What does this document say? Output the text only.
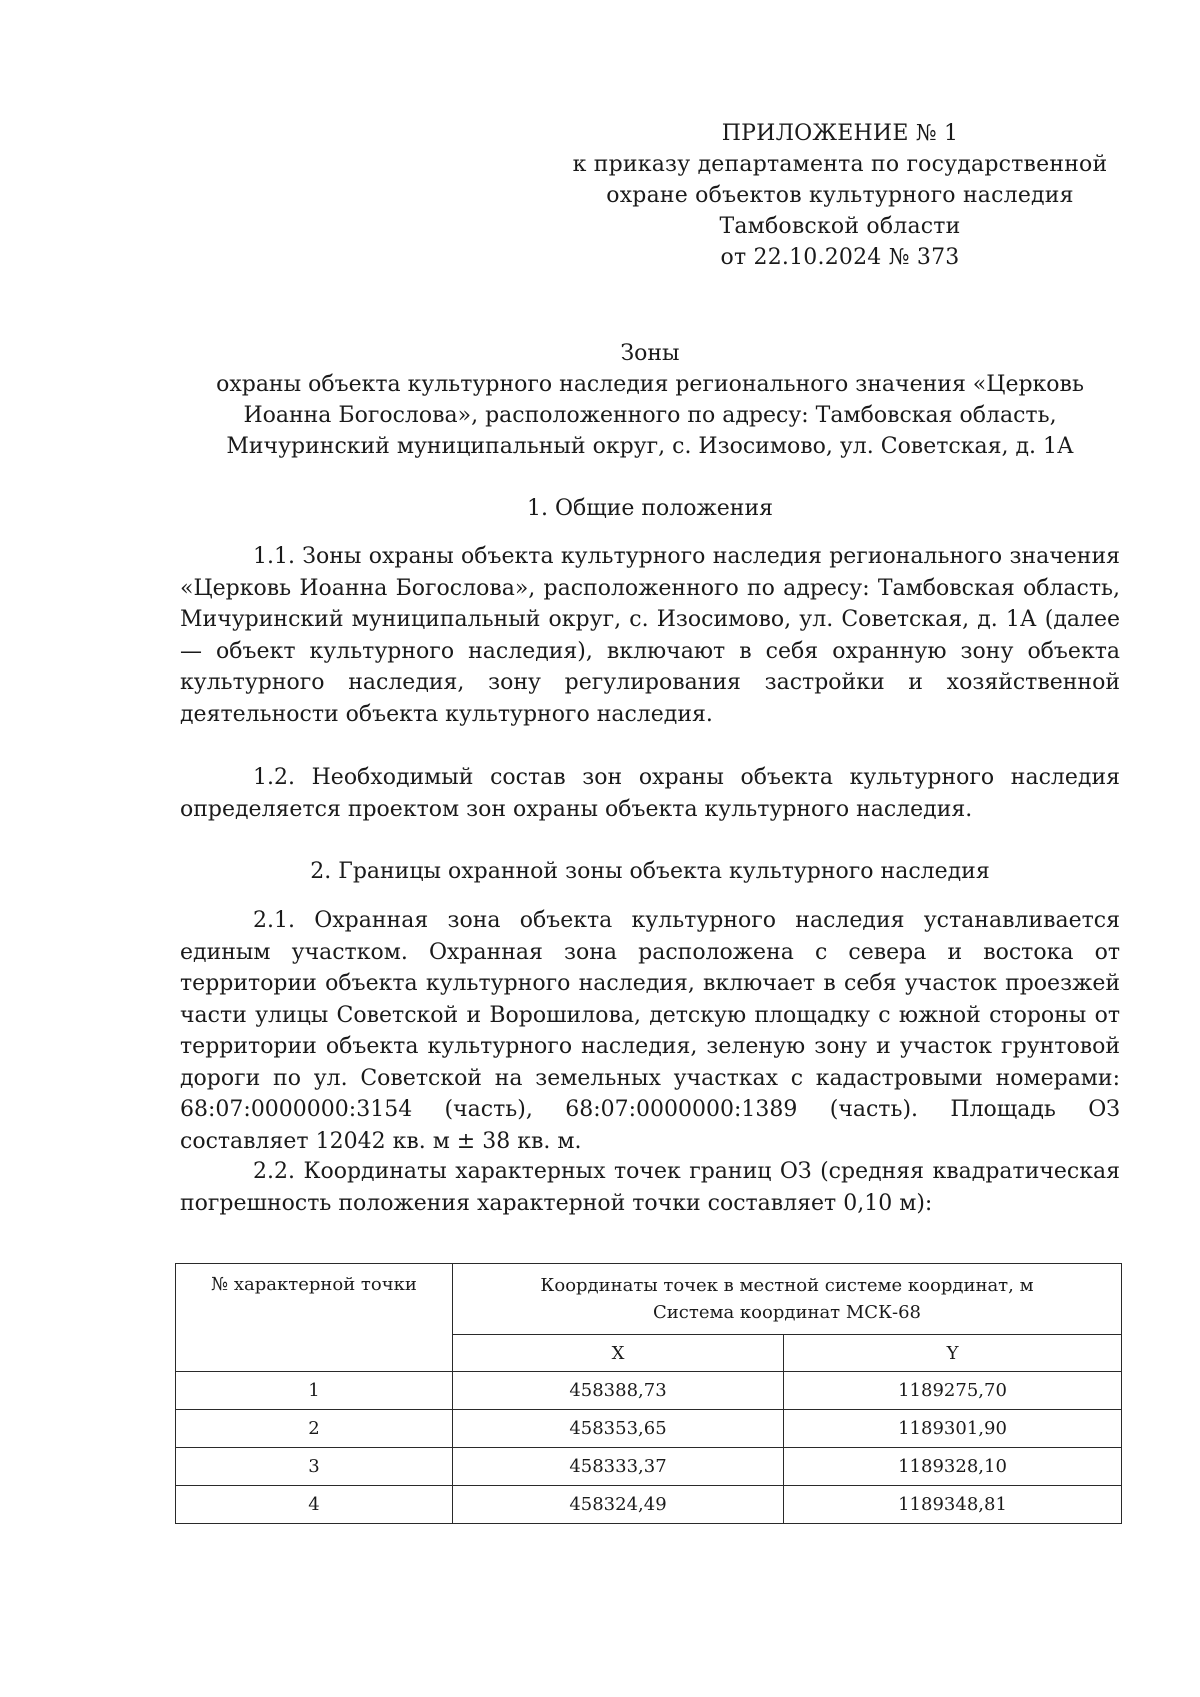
ПРИЛОЖЕНИЕ № 1
к приказу департамента по государственной
охране объектов культурного наследия
Тамбовской области
от 22.10.2024 № 373
Зоны
охраны объекта культурного наследия регионального значения «Церковь
Иоанна Богослова», расположенного по адресу: Тамбовская область,
Мичуринский муниципальный округ, с. Изосимово, ул. Советская, д. 1А
1. Общие положения

1.1. Зоны охраны объекта культурного наследия регионального значения «Церковь Иоанна Богослова», расположенного по адресу: Тамбовская область, Мичуринский муниципальный округ, с. Изосимово, ул. Советская, д. 1А (далее — объект культурного наследия), включают в себя охранную зону объекта культурного наследия, зону регулирования застройки и хозяйственной деятельности объекта культурного наследия.

1.2. Необходимый состав зон охраны объекта культурного наследия определяется проектом зон охраны объекта культурного наследия.

2. Границы охранной зоны объекта культурного наследия

2.1. Охранная зона объекта культурного наследия устанавливается единым участком. Охранная зона расположена с севера и востока от территории объекта культурного наследия, включает в себя участок проезжей части улицы Советской и Ворошилова, детскую площадку с южной стороны от территории объекта культурного наследия, зеленую зону и участок грунтовой дороги по ул. Советской на земельных участках с кадастровыми номерами: 68:07:0000000:3154 (часть), 68:07:0000000:1389 (часть). Площадь ОЗ составляет 12042 кв. м ± 38 кв. м.

2.2. Координаты характерных точек границ ОЗ (средняя квадратическая погрешность положения характерной точки составляет 0,10 м):

№ характерной точки	Координаты точек в местной системе координат, м
Система координат МСК-68	

	X	Y
1	458388,73	1189275,70
2	458353,65	1189301,90
3	458333,37	1189328,10
4	458324,49	1189348,81
